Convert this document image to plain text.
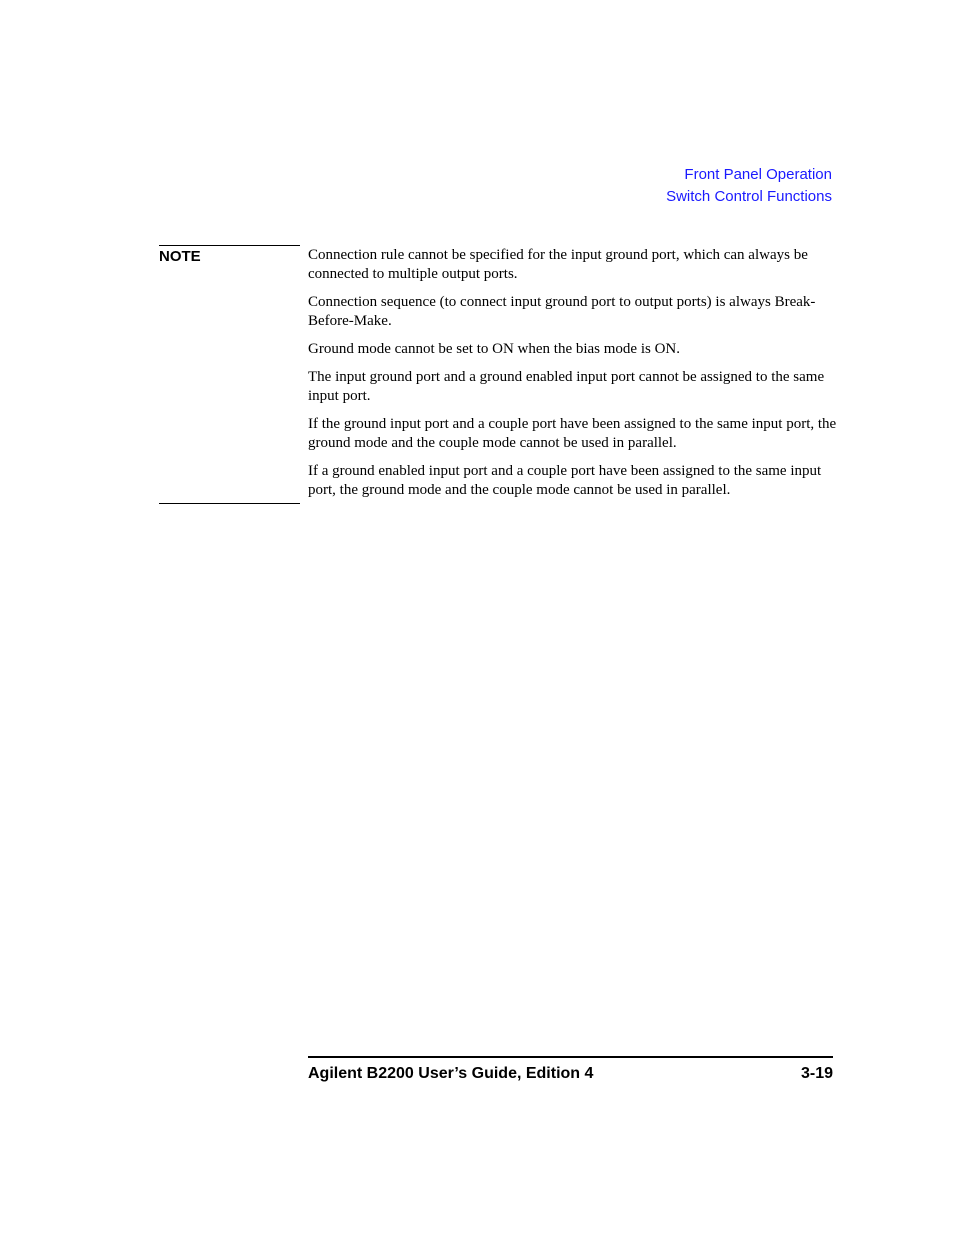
Front Panel Operation
Switch Control Functions
NOTE	Connection rule cannot be specified for the input ground port, which can always be connected to multiple output ports.

Connection sequence (to connect input ground port to output ports) is always Break-Before-Make.

Ground mode cannot be set to ON when the bias mode is ON.

The input ground port and a ground enabled input port cannot be assigned to the same input port.

If the ground input port and a couple port have been assigned to the same input port, the ground mode and the couple mode cannot be used in parallel.

If a ground enabled input port and a couple port have been assigned to the same input port, the ground mode and the couple mode cannot be used in parallel.

Agilent B2200 User’s Guide, Edition 4	3-19
